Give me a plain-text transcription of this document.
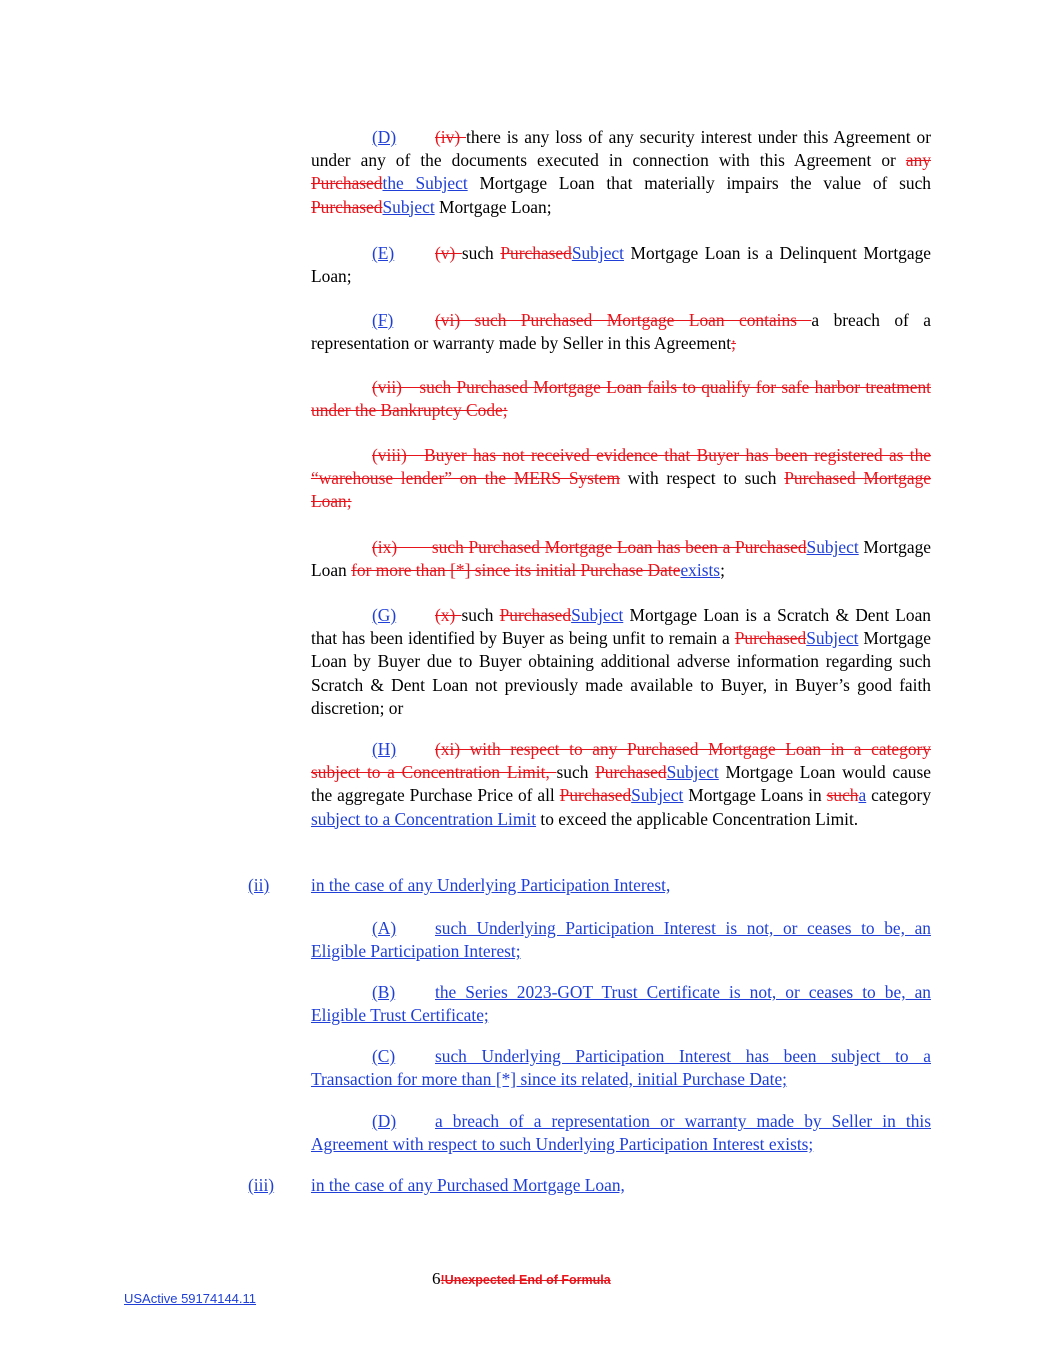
(D) (iv) there is any loss of any security interest under this Agreement or under any of the documents executed in connection with this Agreement or any Purchasedthe Subject Mortgage Loan that materially impairs the value of such PurchasedSubject Mortgage Loan;

(E) (v) such PurchasedSubject Mortgage Loan is a Delinquent Mortgage Loan;

(F) (vi) such Purchased Mortgage Loan contains a breach of a representation or warranty made by Seller in this Agreement;

(vii) such Purchased Mortgage Loan fails to qualify for safe harbor treatment under the Bankruptcy Code;

(viii) Buyer has not received evidence that Buyer has been registered as the “warehouse lender” on the MERS System with respect to such Purchased Mortgage Loan;

(ix)  such Purchased Mortgage Loan has been a PurchasedSubject Mortgage Loan for more than [*] since its initial Purchase Dateexists;

(G) (x) such PurchasedSubject Mortgage Loan is a Scratch & Dent Loan that has been identified by Buyer as being unfit to remain a PurchasedSubject Mortgage Loan by Buyer due to Buyer obtaining additional adverse information regarding such Scratch & Dent Loan not previously made available to Buyer, in Buyer’s good faith discretion; or

(H) (xi) with respect to any Purchased Mortgage Loan in a category subject to a Concentration Limit, such PurchasedSubject Mortgage Loan would cause the aggregate Purchase Price of all PurchasedSubject Mortgage Loans in sucha category subject to a Concentration Limit to exceed the applicable Concentration Limit.

(ii) in the case of any Underlying Participation Interest,

(A) such Underlying Participation Interest is not, or ceases to be, an Eligible Participation Interest;

(B) the Series 2023-GOT Trust Certificate is not, or ceases to be, an Eligible Trust Certificate;

(C) such Underlying Participation Interest has been subject to a Transaction for more than [*] since its related, initial Purchase Date;

(D) a breach of a representation or warranty made by Seller in this Agreement with respect to such Underlying Participation Interest exists;

(iii) in the case of any Purchased Mortgage Loan,

6!Unexpected End of Formula
USActive 59174144.11
